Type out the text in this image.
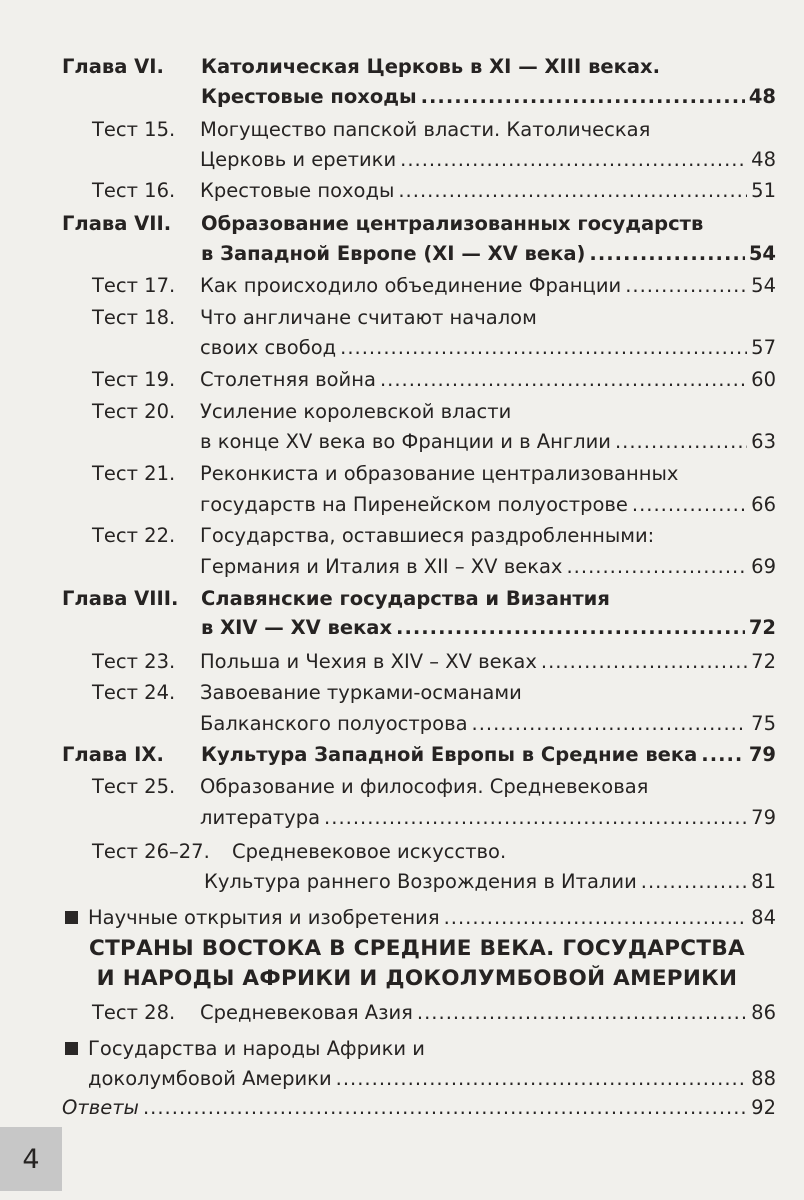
Глава VI.	Католическая Церковь в XI — XIII веках.
Крестовые походы .....	48
Тест 15.	Могущество папской власти. Католическая
Церковь и еретики .....	48
Тест 16.	Крестовые походы .....	51
Глава VII.	Образование централизованных государств
в Западной Европе (XI — XV века) .....	54
Тест 17.	Как происходило объединение Франции .....	54
Тест 18.	Что англичане считают началом
своих свобод .....	57
Тест 19.	Столетняя война .....	60
Тест 20.	Усиление королевской власти
в конце XV века во Франции и в Англии .....	63
Тест 21.	Реконкиста и образование централизованных
государств на Пиренейском полуострове .....	66
Тест 22.	Государства, оставшиеся раздробленными:
Германия и Италия в XII – XV веках .....	69
Глава VIII.	Славянские государства и Византия
в XIV — XV веках .....	72
Тест 23.	Польша и Чехия в XIV – XV веках .....	72
Тест 24.	Завоевание турками-османами
Балканского полуострова .....	75
Глава IX.	Культура Западной Европы в Средние века .....	79
Тест 25.	Образование и философия. Средневековая
литература .....	79
Тест 26–27.	Средневековое искусство.
Культура раннего Возрождения в Италии .....	81
Научные открытия и изобретения .....	84
СТРАНЫ ВОСТОКА В СРЕДНИЕ ВЕКА. ГОСУДАРСТВА
И НАРОДЫ АФРИКИ И ДОКОЛУМБОВОЙ АМЕРИКИ
Тест 28.	Средневековая Азия .....	86
Государства и народы Африки и
доколумбовой Америки .....	88
Ответы .....	92
4
